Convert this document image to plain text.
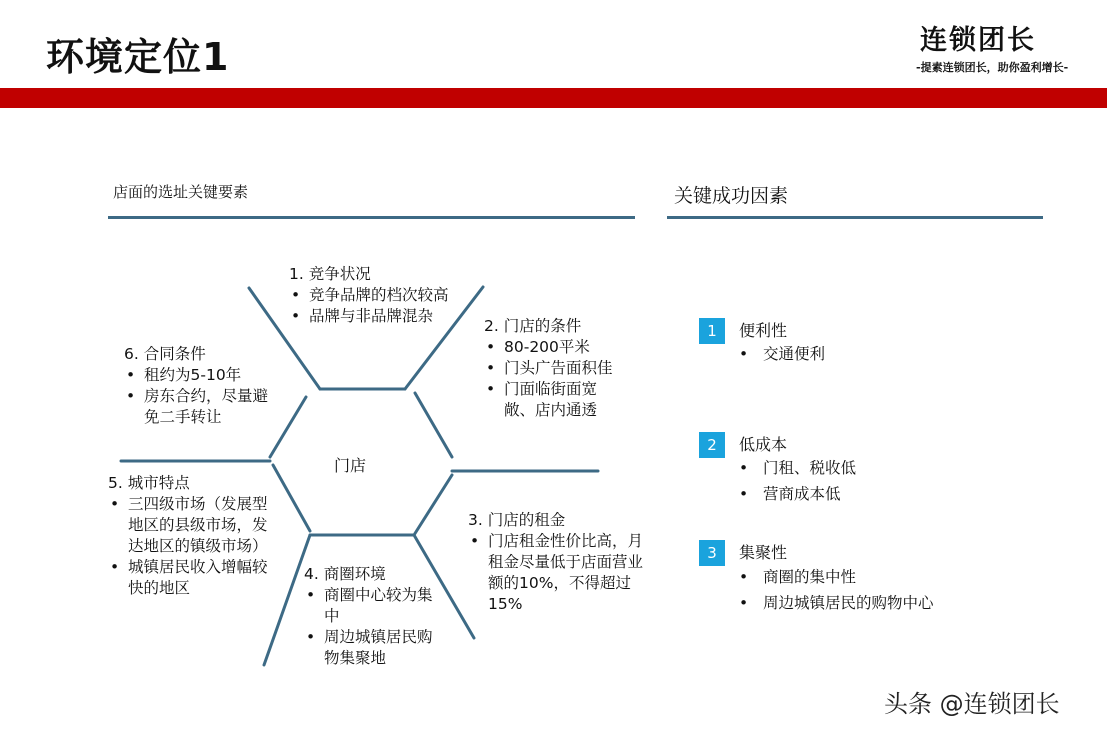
环境定位1	连锁团长
-提素连锁团长，助你盈利增长-
店面的选址关键要素	关键成功因素
门店
1. 竞争状况
• 竞争品牌的档次较高
• 品牌与非品牌混杂
2. 门店的条件
• 80-200平米
• 门头广告面积佳
• 门面临街面宽敞、店内通透
3. 门店的租金
• 门店租金性价比高，月租金尽量低于店面营业额的10%，不得超过15%
4. 商圈环境
• 商圈中心较为集中
• 周边城镇居民购物集聚地
5. 城市特点
• 三四级市场（发展型地区的县级市场，发达地区的镇级市场）
• 城镇居民收入增幅较快的地区
6. 合同条件
• 租约为5-10年
• 房东合约，尽量避免二手转让
1	便利性
• 交通便利
2	低成本
• 门租、税收低
• 营商成本低
3	集聚性
• 商圈的集中性
• 周边城镇居民的购物中心
头条 @连锁团长
